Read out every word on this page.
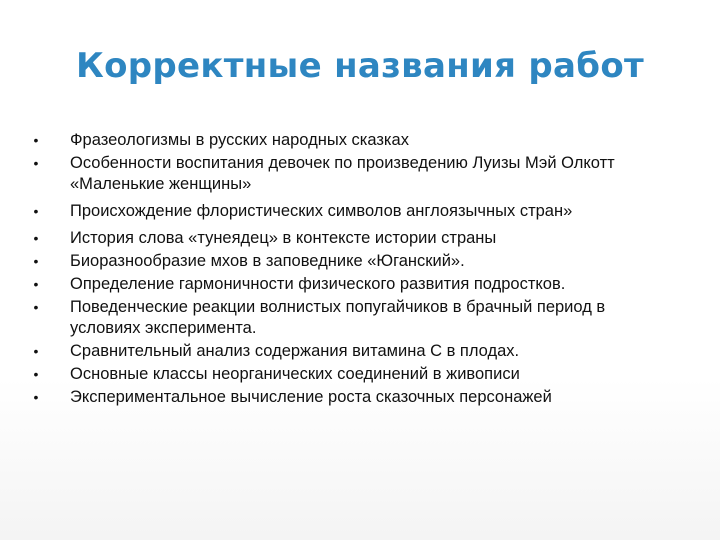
Корректные названия работ
• Фразеологизмы в русских народных сказках
• Особенности воспитания девочек по произведению Луизы Мэй Олкотт «Маленькие женщины»
• Происхождение флористических символов англоязычных стран»
• История слова «тунеядец» в контексте истории страны
• Биоразнообразие мхов в заповеднике «Юганский».
• Определение гармоничности физического развития подростков.
• Поведенческие реакции волнистых попугайчиков в брачный период в условиях эксперимента.
• Сравнительный анализ содержания витамина С в плодах.
• Основные классы неорганических соединений в живописи
• Экспериментальное вычисление роста сказочных персонажей
